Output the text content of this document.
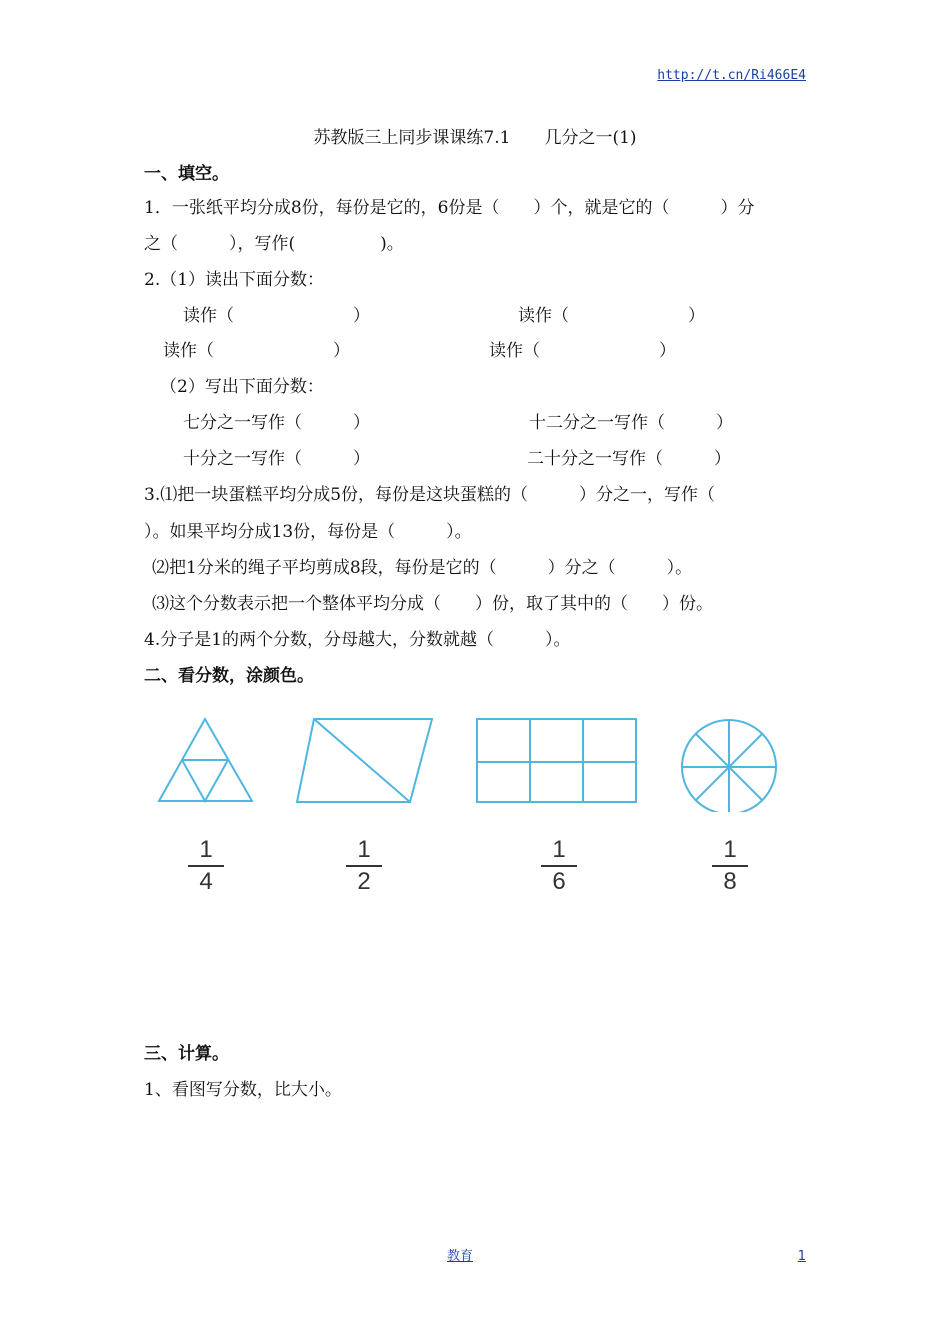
http://t.cn/Ri466E4
苏教版三上同步课课练7.1　　几分之一(1)
一、填空。
1．一张纸平均分成8份，每份是它的，6份是（　　）个，就是它的（　　　）分
之（　　　），写作(　　　　　)。
2.（1）读出下面分数：
读作（　　　　　　　）	读作（　　　　　　　）
读作（　　　　　　　）	读作（　　　　　　　）
（2）写出下面分数：
七分之一写作（　　　）	十二分之一写作（　　　）
十分之一写作（　　　）	二十分之一写作（　　　）
3.⑴把一块蛋糕平均分成5份，每份是这块蛋糕的（　　　）分之一，写作（
）。如果平均分成13份，每份是（　　　）。
⑵把1分米的绳子平均剪成8段，每份是它的（　　　）分之（　　　）。
⑶这个分数表示把一个整体平均分成（　　）份，取了其中的（　　）份。
4.分子是1的两个分数，分母越大，分数就越（　　　）。
二、看分数，涂颜色。
1
4
1
2
1
6
1
8
三、计算。
1、看图写分数，比大小。
教育	1
